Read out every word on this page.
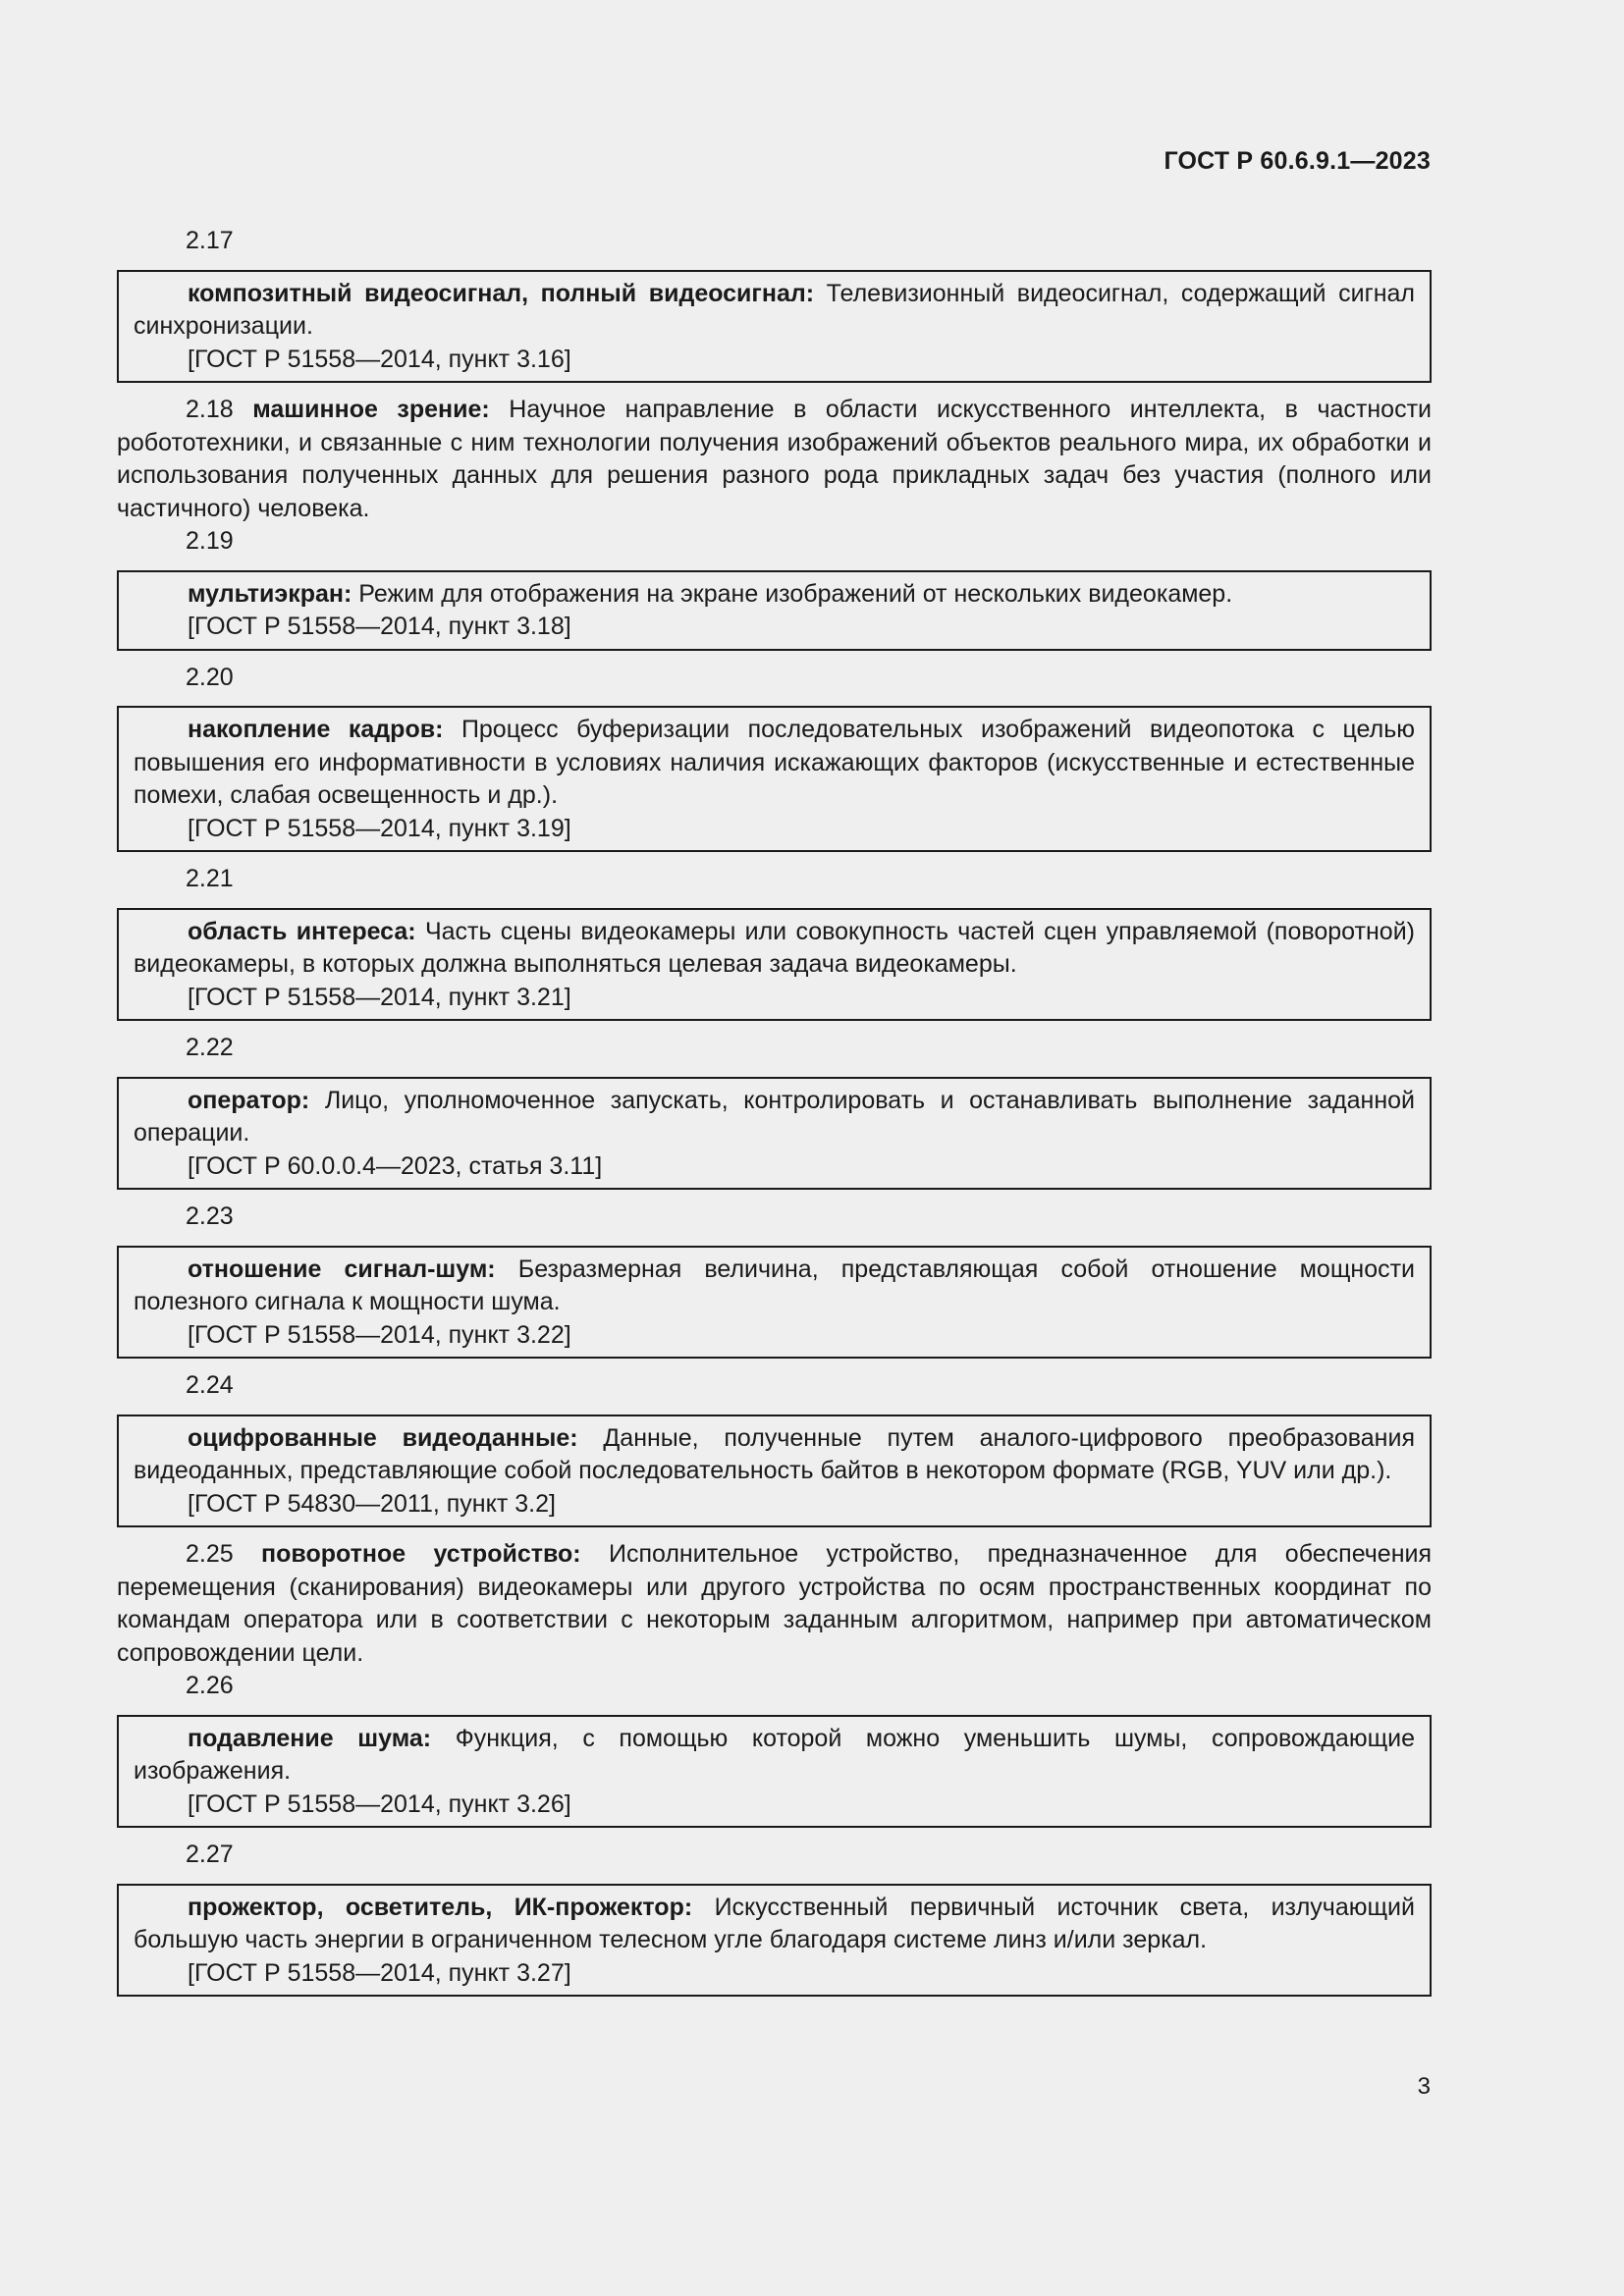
ГОСТ Р 60.6.9.1—2023
2.17

композитный видеосигнал, полный видеосигнал: Телевизионный видеосигнал, содержащий сигнал синхронизации.

[ГОСТ Р 51558—2014, пункт 3.16]

2.18 машинное зрение: Научное направление в области искусственного интеллекта, в частности робототехники, и связанные с ним технологии получения изображений объектов реального мира, их обработки и использования полученных данных для решения разного рода прикладных задач без участия (полного или частичного) человека.

2.19

мультиэкран: Режим для отображения на экране изображений от нескольких видеокамер.

[ГОСТ Р 51558—2014, пункт 3.18]

2.20

накопление кадров: Процесс буферизации последовательных изображений видеопотока с целью повышения его информативности в условиях наличия искажающих факторов (искусственные и естественные помехи, слабая освещенность и др.).

[ГОСТ Р 51558—2014, пункт 3.19]

2.21

область интереса: Часть сцены видеокамеры или совокупность частей сцен управляемой (поворотной) видеокамеры, в которых должна выполняться целевая задача видеокамеры.

[ГОСТ Р 51558—2014, пункт 3.21]

2.22

оператор: Лицо, уполномоченное запускать, контролировать и останавливать выполнение заданной операции.

[ГОСТ Р 60.0.0.4—2023, статья 3.11]

2.23

отношение сигнал-шум: Безразмерная величина, представляющая собой отношение мощности полезного сигнала к мощности шума.

[ГОСТ Р 51558—2014, пункт 3.22]

2.24

оцифрованные видеоданные: Данные, полученные путем аналого-цифрового преобразования видеоданных, представляющие собой последовательность байтов в некотором формате (RGB, YUV или др.).

[ГОСТ Р 54830—2011, пункт 3.2]

2.25 поворотное устройство: Исполнительное устройство, предназначенное для обеспечения перемещения (сканирования) видеокамеры или другого устройства по осям пространственных координат по командам оператора или в соответствии с некоторым заданным алгоритмом, например при автоматическом сопровождении цели.

2.26

подавление шума: Функция, с помощью которой можно уменьшить шумы, сопровождающие изображения.

[ГОСТ Р 51558—2014, пункт 3.26]

2.27

прожектор, осветитель, ИК-прожектор: Искусственный первичный источник света, излучающий большую часть энергии в ограниченном телесном угле благодаря системе линз и/или зеркал.

[ГОСТ Р 51558—2014, пункт 3.27]

3
